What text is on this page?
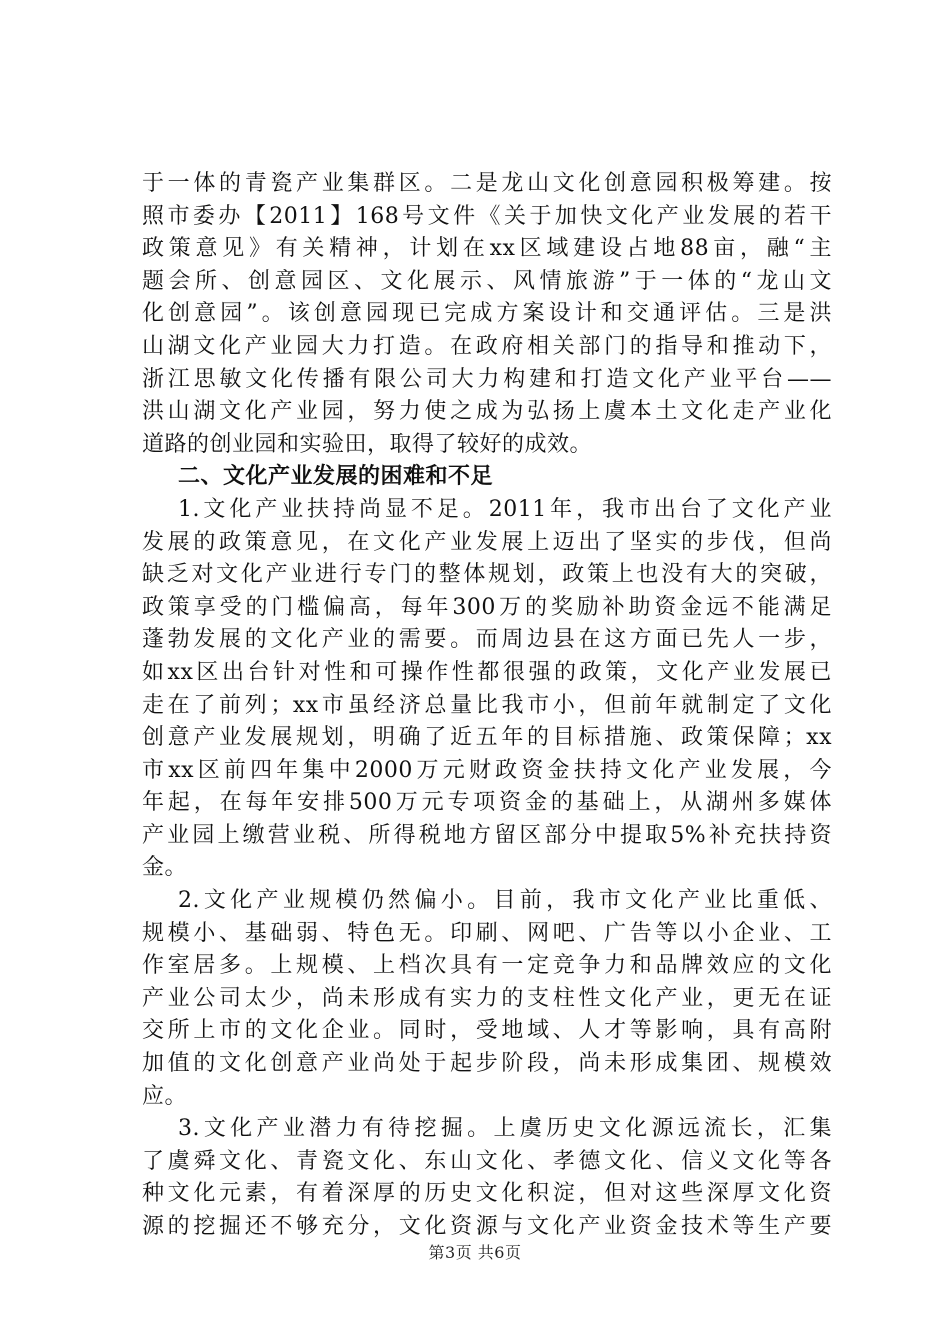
于一体的青瓷产业集群区。二是龙山文化创意园积极筹建。按
照市委办【2011】168号文件《关于加快文化产业发展的若干
政策意见》有关精神，计划在xx区域建设占地88亩，融“主
题会所、创意园区、文化展示、风情旅游”于一体的“龙山文
化创意园”。该创意园现已完成方案设计和交通评估。三是洪
山湖文化产业园大力打造。在政府相关部门的指导和推动下，
浙江思敏文化传播有限公司大力构建和打造文化产业平台——
洪山湖文化产业园，努力使之成为弘扬上虞本土文化走产业化
道路的创业园和实验田，取得了较好的成效。
二、文化产业发展的困难和不足
1.文化产业扶持尚显不足。2011年，我市出台了文化产业
发展的政策意见，在文化产业发展上迈出了坚实的步伐，但尚
缺乏对文化产业进行专门的整体规划，政策上也没有大的突破，
政策享受的门槛偏高，每年300万的奖励补助资金远不能满足
蓬勃发展的文化产业的需要。而周边县在这方面已先人一步，
如xx区出台针对性和可操作性都很强的政策，文化产业发展已
走在了前列；xx市虽经济总量比我市小，但前年就制定了文化
创意产业发展规划，明确了近五年的目标措施、政策保障；xx
市xx区前四年集中2000万元财政资金扶持文化产业发展，今
年起，在每年安排500万元专项资金的基础上，从湖州多媒体
产业园上缴营业税、所得税地方留区部分中提取5%补充扶持资
金。
2.文化产业规模仍然偏小。目前，我市文化产业比重低、
规模小、基础弱、特色无。印刷、网吧、广告等以小企业、工
作室居多。上规模、上档次具有一定竞争力和品牌效应的文化
产业公司太少，尚未形成有实力的支柱性文化产业，更无在证
交所上市的文化企业。同时，受地域、人才等影响，具有高附
加值的文化创意产业尚处于起步阶段，尚未形成集团、规模效
应。
3.文化产业潜力有待挖掘。上虞历史文化源远流长，汇集
了虞舜文化、青瓷文化、东山文化、孝德文化、信义文化等各
种文化元素，有着深厚的历史文化积淀，但对这些深厚文化资
源的挖掘还不够充分，文化资源与文化产业资金技术等生产要
第3页 共6页
